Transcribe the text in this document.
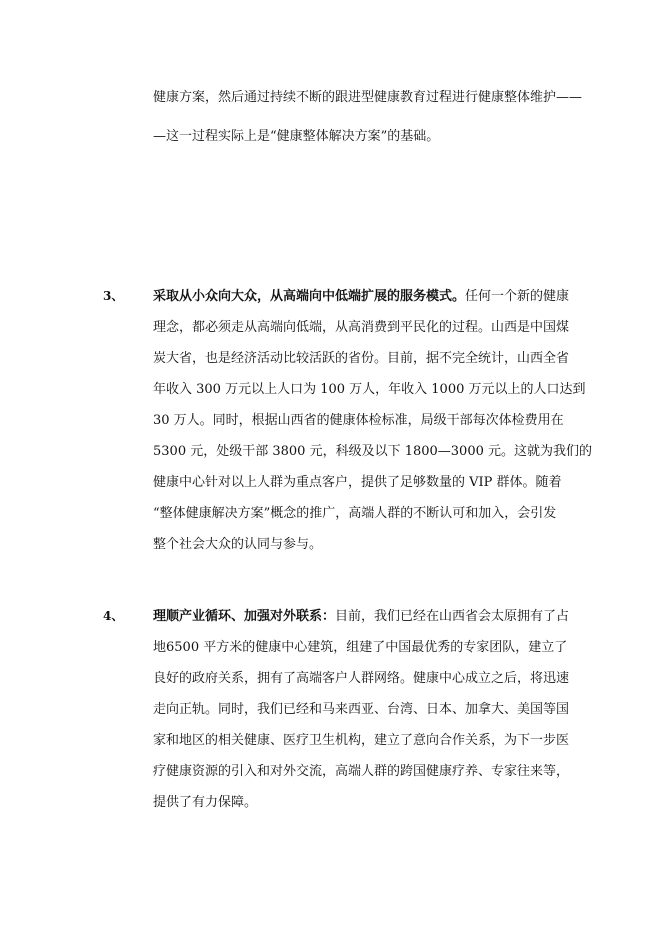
健康方案，然后通过持续不断的跟进型健康教育过程进行健康整体维护——

—这一过程实际上是“健康整体解决方案”的基础。

3、 采取从小众向大众，从高端向中低端扩展的服务模式。任何一个新的健康

理念，都必须走从高端向低端，从高消费到平民化的过程。山西是中国煤

炭大省，也是经济活动比较活跃的省份。目前，据不完全统计，山西全省

年收入 300 万元以上人口为 100 万人，年收入 1000 万元以上的人口达到

30 万人。同时，根据山西省的健康体检标准，局级干部每次体检费用在

5300 元，处级干部 3800 元，科级及以下 1800—3000 元。这就为我们的

健康中心针对以上人群为重点客户，提供了足够数量的 VIP 群体。随着

“整体健康解决方案”概念的推广，高端人群的不断认可和加入，会引发

整个社会大众的认同与参与。

4、 理顺产业循环、加强对外联系：目前，我们已经在山西省会太原拥有了占

地6500 平方米的健康中心建筑，组建了中国最优秀的专家团队，建立了

良好的政府关系，拥有了高端客户人群网络。健康中心成立之后，将迅速

走向正轨。同时，我们已经和马来西亚、台湾、日本、加拿大、美国等国

家和地区的相关健康、医疗卫生机构，建立了意向合作关系，为下一步医

疗健康资源的引入和对外交流，高端人群的跨国健康疗养、专家往来等，

提供了有力保障。
